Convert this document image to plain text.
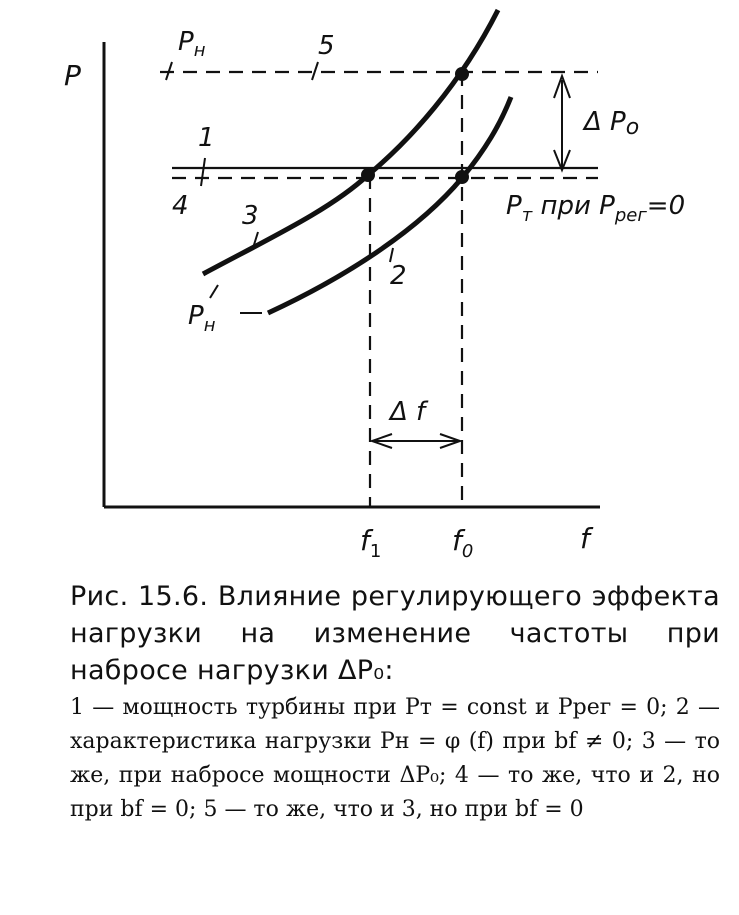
P
f
$f_1$	$f_0$
$P_н$	5
1
4 3
2
$P_н$
Δ Po
$P_т$ при $P_{рег}=0$
Δ f

Рис. 15.6. Влияние регулирующего эффекта нагрузки на изменение частоты при набросе нагрузки ΔP₀:

1 — мощность турбины при Pт = const и Pрег = 0; 2 — характеристика нагрузки Pн = φ (f) при bf ≠ 0; 3 — то же, при набросе мощности ΔP₀; 4 — то же, что и 2, но при bf = 0; 5 — то же, что и 3, но при bf = 0
